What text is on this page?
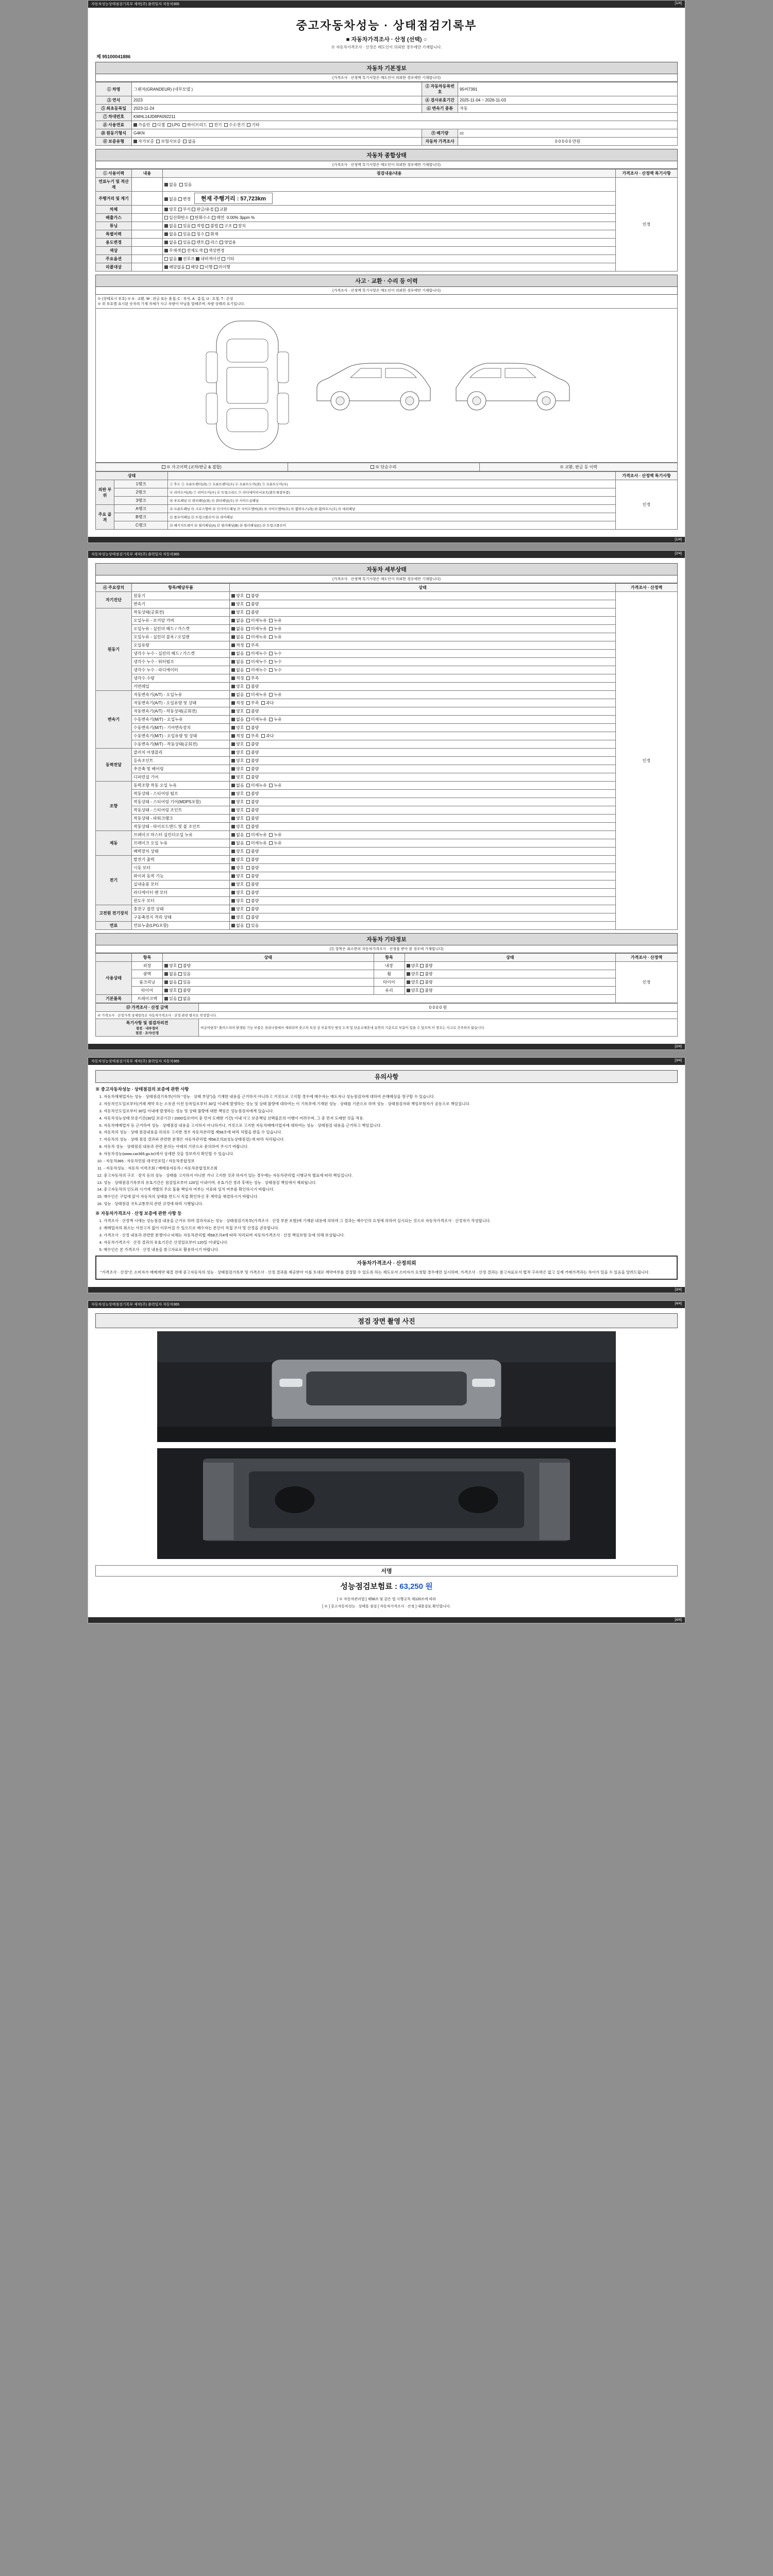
자동차성능상태점검기록부 제작(주) 출력일자 자동차365	[1/4]
중고자동차성능 · 상태점검기록부
■ 자동차가격조사 · 산정 (선택) ○
※ 자동차가격조사 · 산정은 매도인이 의뢰한 경우에만 기재합니다.
제 95100041886
자동차 기본정보
(가격조사 · 산정액 특기사항은 매도인이 의뢰한 경우에만 기재합니다)
① 차명	그랜저(GRANDEUR) (네부모델 )	② 자동차등록번호	95버7391
③ 연식	2023	④ 검사유효기간	2025-11-04 ~ 2026-11-03
⑤ 최초등록일	2023-11-24	⑥ 변속기 종류	자동
⑦ 차대번호	KMHL14JD8PA092211		
⑧ 사용연료	가솔린 디젤 LPG 하이브리드 전기 수소전기 기타		
⑩ 원동기형식	G4KN	⑨ 배기량	cc
⑪ 보증유형	자가보증 보험사보증 없음	자동차 가격조사	0 0 0 0 0 만원
자동차 종합상태
(가격조사 · 산정액 특기사항은 매도인이 의뢰한 경우에만 기재합니다)
① 사용이력	내용	점검내용/내용	가격조사 · 산정액 특기사항
연료누기 및 적산계		없음 있음	인정
주행거리 및 계기		없음 변경 현재 주행거리 : 57,723km	
차체		양호 부식 판금/용접 교환	
배출가스		일산화탄소 탄화수소 매연 0.00% 3ppm %	
튜닝		없음 있음 적법 불법 구조 장치	
특별이력		없음 있음 침수 화재	
용도변경		없음 있음 렌트 리스 영업용	
색상		무채색 전체도색 색상변경	
주요옵션		없음 선루프 내비게이션 기타	
리콜대상		해당없음 해당 이행 미이행	
사고 · 교환 · 수리 등 이력
(가격조사 · 산정액 특기사항은 매도인이 의뢰한 경우에만 기재합니다)
※ (상태표시 부호) ※ X : 교환, W : 판금 또는 용접, C : 부식, A : 흠집, U : 요철, T : 손상
※ 위 부호별 표시된 숫자의 기재 자체가 사고 차량이 아님을 말해주며, 차량 상태의 표기입니다.
※ 사고이력 (교차/판금 & 접합)	※ 단순수리	※ 교환, 판금 등 이력
상태			가격조사 · 산정액 특기사항
외판 부위	1랭크	① 후드 ② 프론트펜더(좌) ③ 프론트펜더(우) ④ 프론트도어(좌) ⑤ 프론트도어(우)	인정
	2랭크	⑥ 리어도어(좌) ⑦ 리어도어(우) ⑧ 트렁크리드 ⑨ 라디에이터서포트(볼트체결부품)	
	3랭크	⑩ 루프패널 ⑪ 쿼터패널(좌) ⑫ 쿼터패널(우) ⑬ 사이드실패널	
주요 골격	A랭크	⑭ 프론트패널 ⑮ 크로스멤버 ⑯ 인사이드패널 ⑰ 사이드멤버(좌) ⑱ 사이드멤버(우) ⑲ 휠하우스(좌) ⑳ 휠하우스(우) ㉑ 대쉬패널	
	B랭크	㉒ 플로어패널 ㉓ 트렁크플로어 ㉔ 리어패널	
	C랭크	㉕ 패키지트레이 ㉖ 필러패널(A) ㉗ 필러패널(B) ㉘ 필러패널(C) ㉙ 트렁크플로어	
[1/4]
자동차성능상태점검기록부 제작(주) 출력일자 자동차365	[2/4]
자동차 세부상태
(가격조사 · 산정액 특기사항은 매도인이 의뢰한 경우에만 기재합니다)
④ 주요장치	항목/해당부품	상태	가격조사 · 산정액
자기진단	원동기	양호 불량	인정
	변속기	양호 불량	
원동기	작동상태(공회전)	양호 불량	
	오일누유 - 로커암 커버	없음 미세누유 누유	
	오일누유 - 실린더 헤드 / 가스켓	없음 미세누유 누유	
	오일누유 - 실린더 블록 / 오일팬	없음 미세누유 누유	
	오일유량	적정 부족	
	냉각수 누수 - 실린더 헤드 / 가스켓	없음 미세누수 누수	
	냉각수 누수 - 워터펌프	없음 미세누수 누수	
	냉각수 누수 - 라디에이터	없음 미세누수 누수	
	냉각수 수량	적정 부족	
	커먼레일	양호 불량	
변속기	자동변속기(A/T) - 오일누유	없음 미세누유 누유	
	자동변속기(A/T) - 오일유량 및 상태	적정 부족 과다	
	자동변속기(A/T) - 작동상태(공회전)	양호 불량	
	수동변속기(M/T) - 오일누유	없음 미세누유 누유	
	수동변속기(M/T) - 기어변속장치	양호 불량	
	수동변속기(M/T) - 오일유량 및 상태	적정 부족 과다	
	수동변속기(M/T) - 작동상태(공회전)	양호 불량	
동력전달	클러치 어셈블리	양호 불량	
	등속조인트	양호 불량	
	추진축 및 베어링	양호 불량	
	디퍼런셜 기어	양호 불량	
조향	동력조향 작동 오일 누유	없음 미세누유 누유	
	작동상태 - 스티어링 펌프	양호 불량	
	작동상태 - 스티어링 기어(MDPS포함)	양호 불량	
	작동상태 - 스티어링 조인트	양호 불량	
	작동상태 - 파워크랭크	양호 불량	
	작동상태 - 타이로드엔드 및 볼 조인트	양호 불량	
제동	브레이크 마스터 실린더오일 누유	없음 미세누유 누유	
	브레이크 오일 누유	없음 미세누유 누유	
	배력장치 상태	양호 불량	
전기	발전기 출력	양호 불량	
	시동 모터	양호 불량	
	와이퍼 동작 기능	양호 불량	
	실내송풍 모터	양호 불량	
	라디에이터 팬 모터	양호 불량	
	윈도우 모터	양호 불량	
고전원 전기장치	충전구 절연 상태	양호 불량	
	구동축전지 격리 상태	양호 불량	
연료	연료누출(LPG포함)	없음 있음	
자동차 기타정보
(⑫ 항목은 최소한의 자동차가격조사 · 산정을 받아 볼 경우에 기재합니다)
	항목	상태	항목	상태	가격조사 · 산정액
사용상태	외장	양호 불량	내장	양호 불량	인정
	광택	없음 있음	휠	양호 불량	
	룸크리닝	없음 있음	타이어	양호 불량	
	타이어	양호 불량	유리	양호 불량	
기본품목	브레이크액	있음 없음			
⑬ 가격조사 · 산정 금액	0 0 0 0 원
※ 가격조사 · 산정가격 상세항목은 자동차가격조사 · 산정 관련 별지로 작성합니다.	

특기사항 및 점검자의견
점검 · 내부정비
점검 · 조사/산정	비급여항목* 플러스차의 발생된 기능 부품은 권리나열에서 제외되며 중고차 특성 상 부분적인 원상 도색 및 단순교체휴대 유연의 기준으로 부분이 있을 수 있으며 이 경우는 사고로 간주하지 않습니다.
[2/4]
자동차성능상태점검기록부 제작(주) 출력일자 자동차365	[3/4]
유의사항
※ 중고자동차성능 · 상태점검의 보증에 관한 사항
1. 자동차해체업자는 성능 · 상태점검기록부(이하 "성능 · 상태 부담")을 기재한 내용을 근거하지 아니하고 거짓으로 고지할 경우에 매수자는 매도자나 성능점검자에 대하여 손해배상을 청구할 수 있습니다.
2. 자동차인도일로부터(거래 계약 또는 소유권 이전 등록일로부터 30일 이내에 발생하는 성능 및 상태 불량에 대하여는 이 기록부에 기재된 성능 · 상태를 기준으로 하며 성능 · 상태점검자와 책임보험자가 공동으로 책임집니다.
3. 자동차인도일로부터 30일 이내에 발생하는 성능 및 상태 불량에 대한 책임은 성능점검자에게 있습니다.
4. 자동차성능상태 보증기간(30일 보증기간 / 2000킬로미터 중 먼저 도래한 기간) 이내 사고 보증책임 선택물론의 이행이 어려우며, 그 중 먼저 도래한 것을 적용.
5. 자동차매매업자 등 근거하여 성능 · 상태점검 내용을 고지하지 아니하거나, 거짓으로 고지한 자동차매매사업자에 대하여는 성능 · 상태점검 내용을 근거하고 책임집니다.
6. 자동차의 성능 · 상태 점검내용을 허위로 고지한 경우 자동차관리법 제58조에 따라 처벌을 받을 수 있습니다.
7. 자동차의 성능 · 상태 점검 결과와 관련한 분쟁은 자동차관리법 제58조의2(성능상태점검) 에 따라 처리됩니다.
8. 자동차 성능 · 상태점검 내용과 관련 문의는 아래의 기관으로 문의하여 주시기 바랍니다.
9. 자동차성능(www.car365.go.kr)에서 상세한 것을 정보까지 확인할 수 있습니다.
10. - 자동차365 : 자동차민원 대국민포털 / 자동차종합정보
11. - 자동차성능 : 자동차 이력조회 / 매매용자동차 / 자동차종합정보조회
12. 중고자동차의 구조 · 장치 등의 성능 · 상태를 고지하지 아니한 거나 고지한 것과 하자가 있는 경우에는 자동차관리법 시행규칙 별표에 따라 책임집니다.
13. 성능 · 상태점검기록부의 유효기간은 점검일로부터 120일 이내이며, 유효기간 경과 후에는 성능 · 상태점검 책임에서 제외됩니다.
14. 중고자동차의 인도와 시기에 개별의 주요 물품 책임자 여부는 서류와 일치 여부를 확인하시기 바랍니다.
15. 매수인은 구입에 앞서 자동차의 상태를 반드시 직접 확인하신 후 계약을 체결하시기 바랍니다.
16. 성능 · 상태점검 국토교통부의 관련 규정에 따라 시행됩니다.
※ 자동차가격조사 · 산정 보증에 관한 사항 등
1. 가격조사 · 산정액 시에는 성능점검 내용을 근거로 하며 결과자료는 성능 · 상태점검기록부(가격조사 · 산정 부분 포함)에 기재된 내용에 의하며 그 결과는 매수인의 요청에 의하여 실시되는 것으로 자동차가격조사 · 산정자가 작성합니다.
2. 매매업자의 취소는 사전고지 없이 이루어질 수 있으므로 매수자는 본인이 직접 조사 및 산정을 권유합니다.
3. 가격조사 · 산정 내용과 관련한 분쟁이나 피해는 자동차관리법 제58조의4에 따라 처리되며 자동차가격조사 · 산정 책임보험 등에 의해 보상됩니다.
4. 자동차가격조사 · 산정 결과의 유효기간은 산정일로부터 120일 이내입니다.
5. 매수인은 본 가격조사 · 산정 내용을 참고자료로 활용하시기 바랍니다.
자동차가격조사 · 산정의뢰
"가격조사 · 산정"은 소비자가 매매계약 체결 전에 중고자동차의 성능 · 상태점검기록부 및 가격조사 · 산정 결과를 제공받아 이를 토대로 계약여부를 결정할 수 있도록 하는 제도로서 소비자가 요청할 경우에만 실시하며, 가격조사 · 산정 결과는 참고자료로서 법적 구속력은 없고 실제 거래가격과는 차이가 있을 수 있음을 알려드립니다.
[3/4]
자동차성능상태점검기록부 제작(주) 출력일자 자동차365	[4/4]
점검 장면 촬영 사진
서명
성능점검보험료 : 63,250 원
[ ※ 자동차관리법 ] 제58조 및 같은 법 시행규칙 제120조에 따라
[ ※ ] 중고자동차성능 · 상태를 점검 [ 자동차가격조사 · 산정 ] 내용검토 확인합니다.
[4/4]
